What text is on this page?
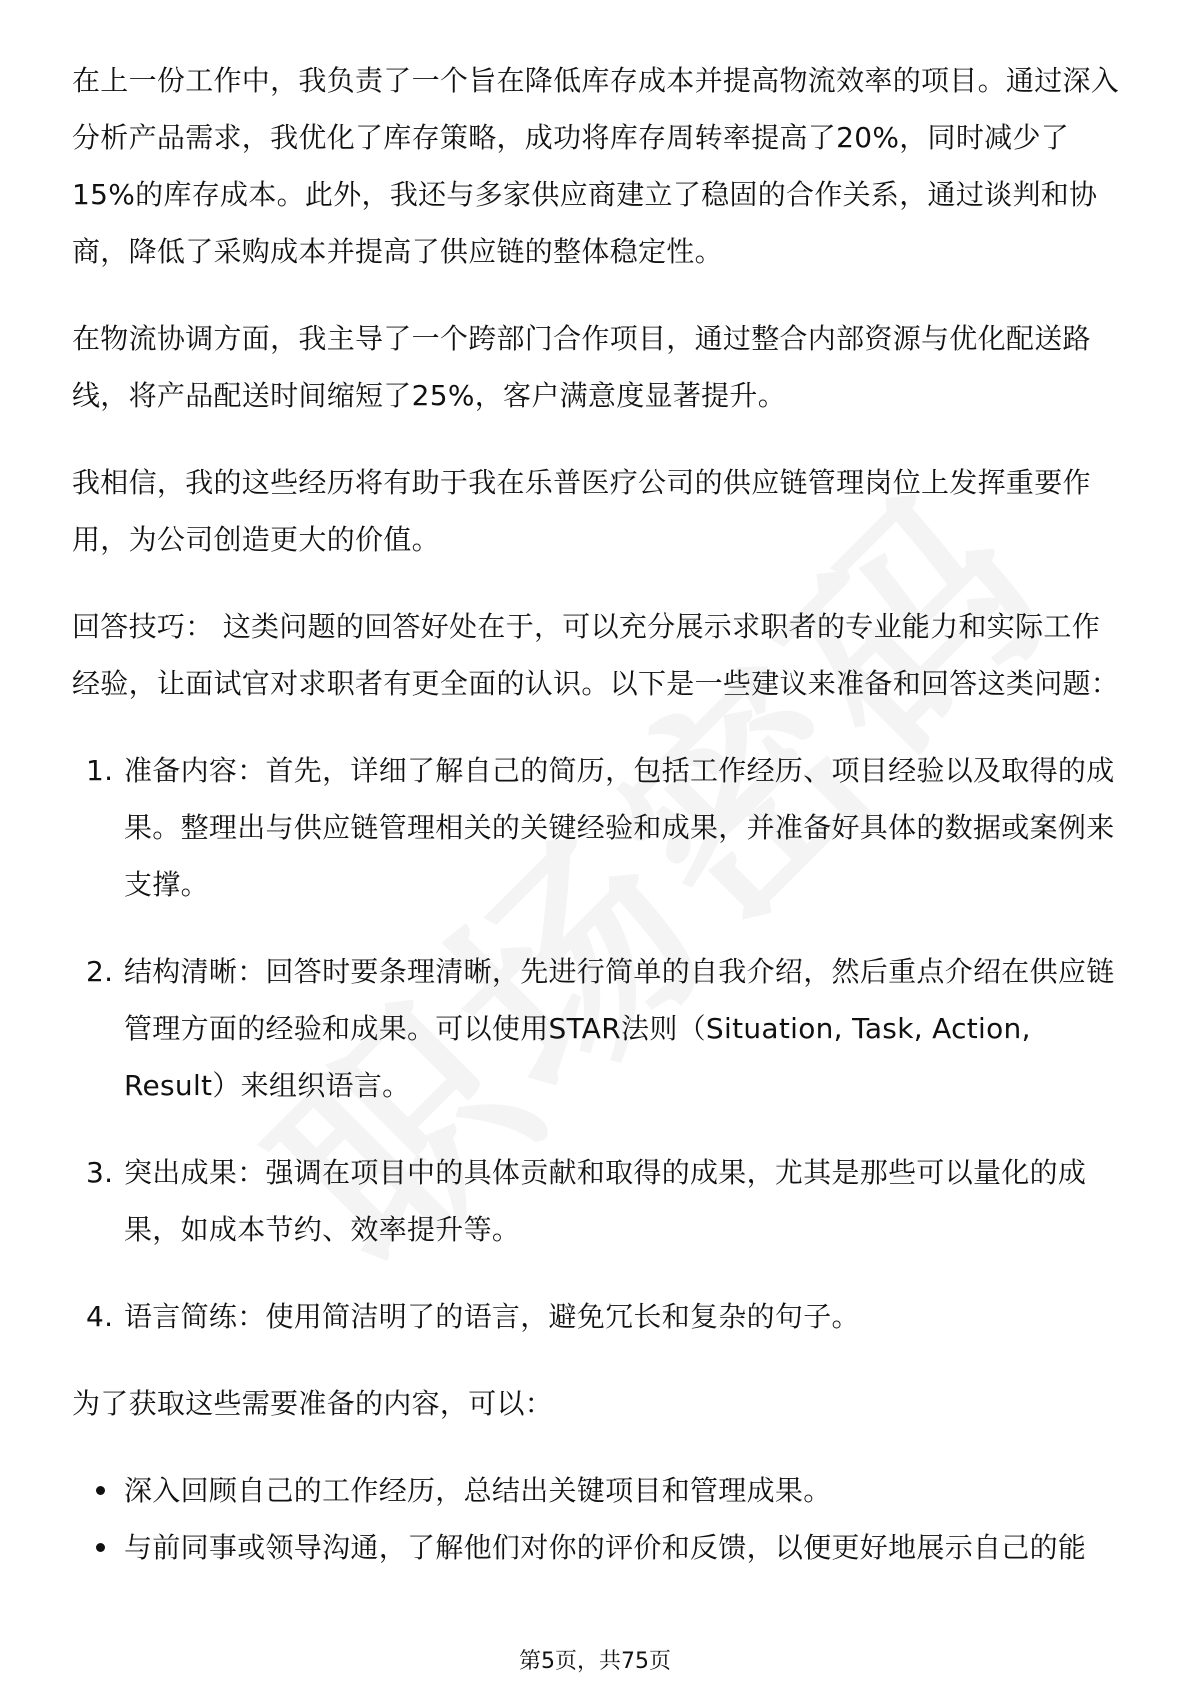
在上一份工作中，我负责了一个旨在降低库存成本并提高物流效率的项目。通过深入分析产品需求，我优化了库存策略，成功将库存周转率提高了20%，同时减少了15%的库存成本。此外，我还与多家供应商建立了稳固的合作关系，通过谈判和协商，降低了采购成本并提高了供应链的整体稳定性。

在物流协调方面，我主导了一个跨部门合作项目，通过整合内部资源与优化配送路线，将产品配送时间缩短了25%，客户满意度显著提升。

我相信，我的这些经历将有助于我在乐普医疗公司的供应链管理岗位上发挥重要作用，为公司创造更大的价值。

回答技巧： 这类问题的回答好处在于，可以充分展示求职者的专业能力和实际工作经验，让面试官对求职者有更全面的认识。以下是一些建议来准备和回答这类问题：

1. 准备内容：首先，详细了解自己的简历，包括工作经历、项目经验以及取得的成果。整理出与供应链管理相关的关键经验和成果，并准备好具体的数据或案例来支撑。
2. 结构清晰：回答时要条理清晰，先进行简单的自我介绍，然后重点介绍在供应链管理方面的经验和成果。可以使用STAR法则（Situation, Task, Action, Result）来组织语言。
3. 突出成果：强调在项目中的具体贡献和取得的成果，尤其是那些可以量化的成果，如成本节约、效率提升等。
4. 语言简练：使用简洁明了的语言，避免冗长和复杂的句子。

为了获取这些需要准备的内容，可以：

深入回顾自己的工作经历，总结出关键项目和管理成果。
与前同事或领导沟通，了解他们对你的评价和反馈，以便更好地展示自己的能
第5页，共75页
